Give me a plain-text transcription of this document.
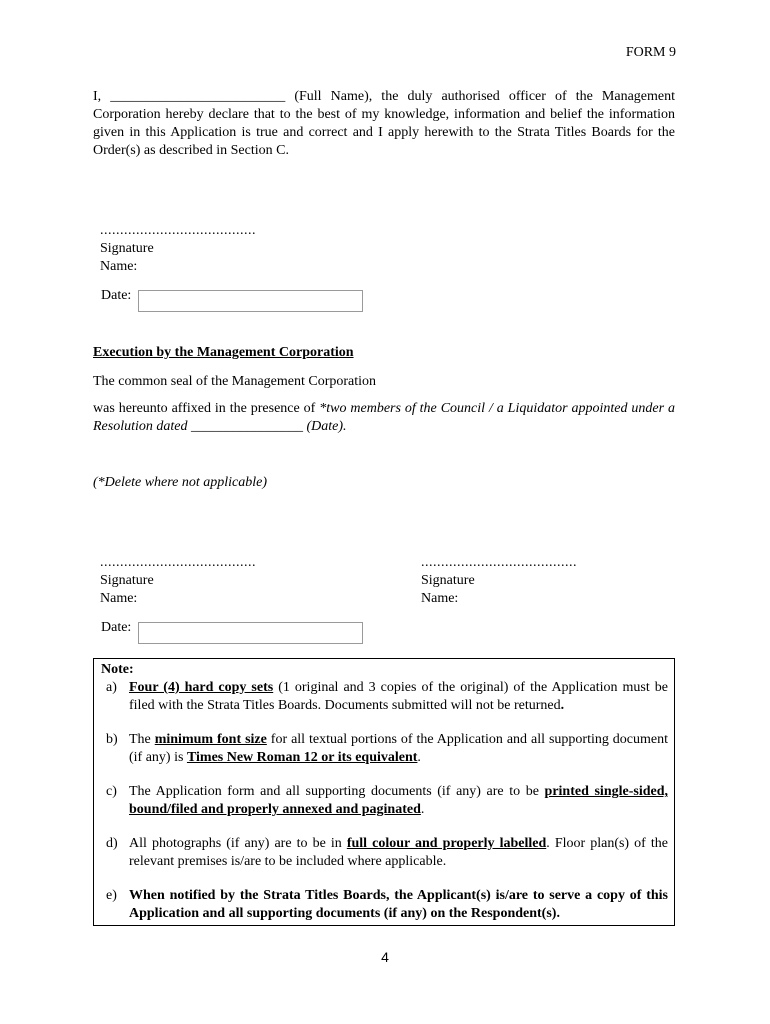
FORM 9
I, _________________________ (Full Name), the duly authorised officer of the Management Corporation hereby declare that to the best of my knowledge, information and belief the information given in this Application is true and correct and I apply herewith to the Strata Titles Boards for the Order(s) as described in Section C.
.......................................
Signature
Name:
Date:
Execution by the Management Corporation
The common seal of the Management Corporation
was hereunto affixed in the presence of *two members of the Council / a Liquidator appointed under a Resolution dated ________________ (Date).
(*Delete where not applicable)
.......................................
Signature
Name:
.......................................
Signature
Name:
Date:
Note:
a) Four (4) hard copy sets (1 original and 3 copies of the original) of the Application must be filed with the Strata Titles Boards. Documents submitted will not be returned.
b) The minimum font size for all textual portions of the Application and all supporting document (if any) is Times New Roman 12 or its equivalent.
c) The Application form and all supporting documents (if any) are to be printed single-sided, bound/filed and properly annexed and paginated.
d) All photographs (if any) are to be in full colour and properly labelled. Floor plan(s) of the relevant premises is/are to be included where applicable.
e) When notified by the Strata Titles Boards, the Applicant(s) is/are to serve a copy of this Application and all supporting documents (if any) on the Respondent(s).
4
